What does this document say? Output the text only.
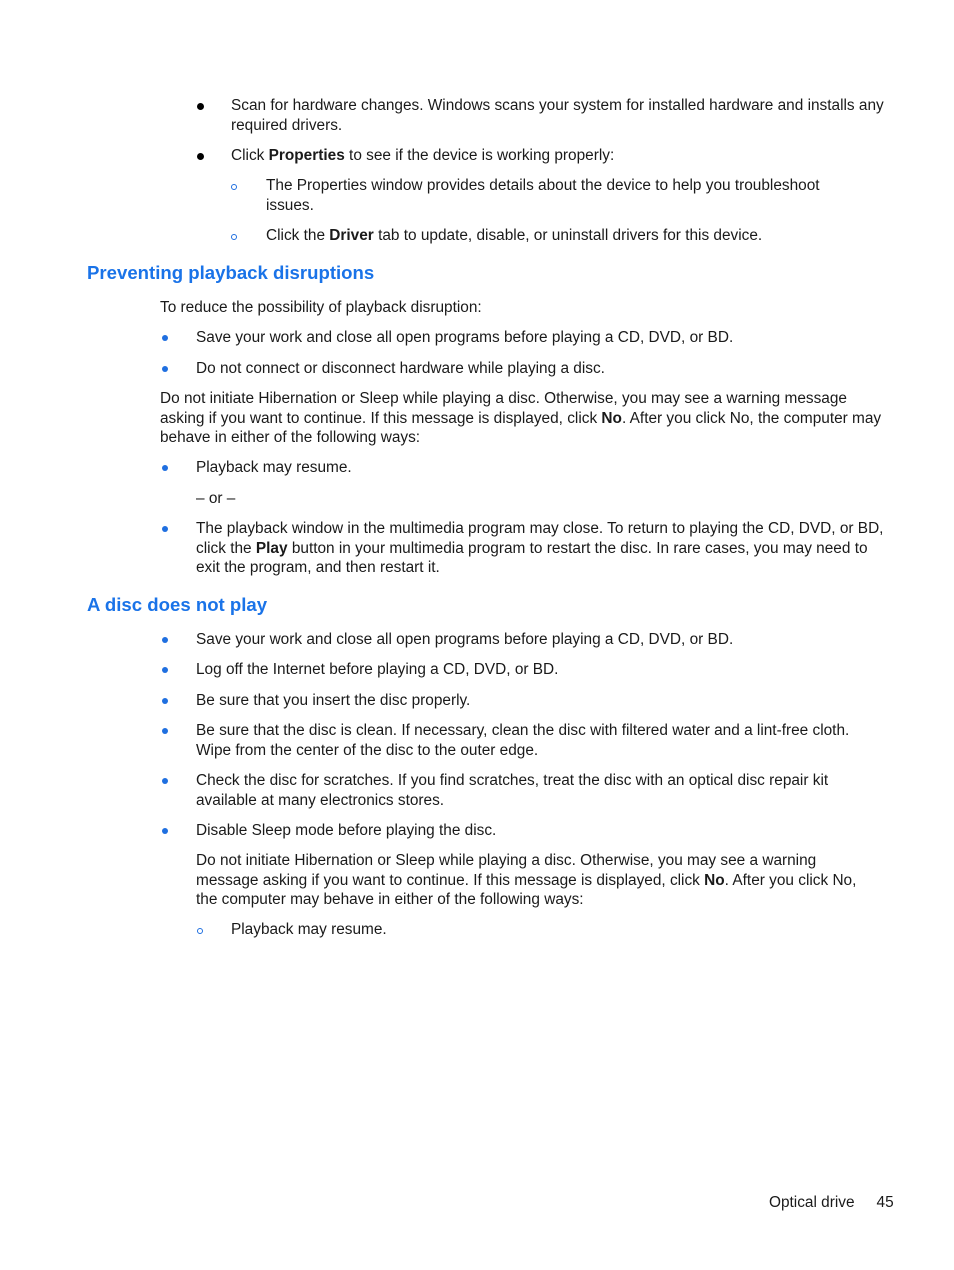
Scan for hardware changes. Windows scans your system for installed hardware and installs any required drivers.

Click Properties to see if the device is working properly:

The Properties window provides details about the device to help you troubleshoot issues.

Click the Driver tab to update, disable, or uninstall drivers for this device.

Preventing playback disruptions

To reduce the possibility of playback disruption:

Save your work and close all open programs before playing a CD, DVD, or BD.

Do not connect or disconnect hardware while playing a disc.

Do not initiate Hibernation or Sleep while playing a disc. Otherwise, you may see a warning message asking if you want to continue. If this message is displayed, click No. After you click No, the computer may behave in either of the following ways:

Playback may resume.

– or –

The playback window in the multimedia program may close. To return to playing the CD, DVD, or BD, click the Play button in your multimedia program to restart the disc. In rare cases, you may need to exit the program, and then restart it.

A disc does not play

Save your work and close all open programs before playing a CD, DVD, or BD.

Log off the Internet before playing a CD, DVD, or BD.

Be sure that you insert the disc properly.

Be sure that the disc is clean. If necessary, clean the disc with filtered water and a lint-free cloth. Wipe from the center of the disc to the outer edge.

Check the disc for scratches. If you find scratches, treat the disc with an optical disc repair kit available at many electronics stores.

Disable Sleep mode before playing the disc.

Do not initiate Hibernation or Sleep while playing a disc. Otherwise, you may see a warning message asking if you want to continue. If this message is displayed, click No. After you click No, the computer may behave in either of the following ways:

Playback may resume.

Optical drive 45
